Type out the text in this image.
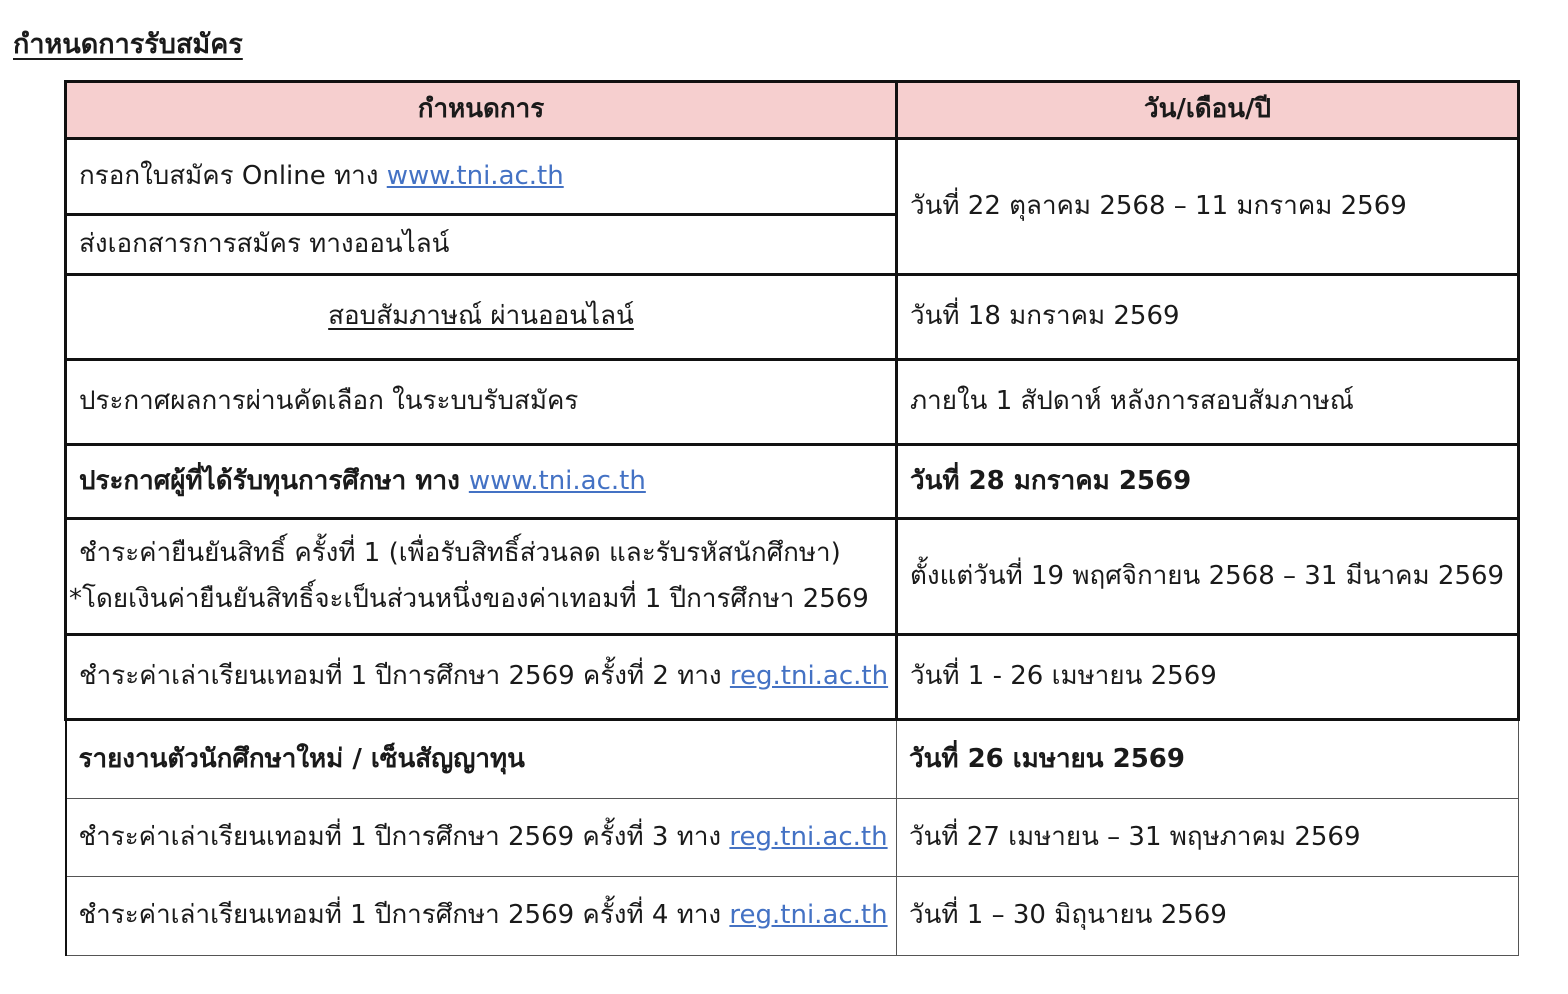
กำหนดการรับสมัคร
กำหนดการ	วัน/เดือน/ปี
กรอกใบสมัคร Online ทาง www.tni.ac.th	วันที่ 22 ตุลาคม 2568 – 11 มกราคม 2569
ส่งเอกสารการสมัคร ทางออนไลน์	
สอบสัมภาษณ์ ผ่านออนไลน์	วันที่ 18 มกราคม 2569
ประกาศผลการผ่านคัดเลือก ในระบบรับสมัคร	ภายใน 1 สัปดาห์ หลังการสอบสัมภาษณ์
ประกาศผู้ที่ได้รับทุนการศึกษา ทาง www.tni.ac.th	วันที่ 28 มกราคม 2569

ชำระค่ายืนยันสิทธิ์ ครั้งที่ 1 (เพื่อรับสิทธิ์ส่วนลด และรับรหัสนักศึกษา)
*โดยเงินค่ายืนยันสิทธิ์จะเป็นส่วนหนึ่งของค่าเทอมที่ 1 ปีการศึกษา 2569	ตั้งแต่วันที่ 19 พฤศจิกายน 2568 – 31 มีนาคม 2569
ชำระค่าเล่าเรียนเทอมที่ 1 ปีการศึกษา 2569 ครั้งที่ 2 ทาง reg.tni.ac.th	วันที่ 1 - 26 เมษายน 2569
รายงานตัวนักศึกษาใหม่ / เซ็นสัญญาทุน	วันที่ 26 เมษายน 2569
ชำระค่าเล่าเรียนเทอมที่ 1 ปีการศึกษา 2569 ครั้งที่ 3 ทาง reg.tni.ac.th	วันที่ 27 เมษายน – 31 พฤษภาคม 2569
ชำระค่าเล่าเรียนเทอมที่ 1 ปีการศึกษา 2569 ครั้งที่ 4 ทาง reg.tni.ac.th	วันที่ 1 – 30 มิถุนายน 2569
